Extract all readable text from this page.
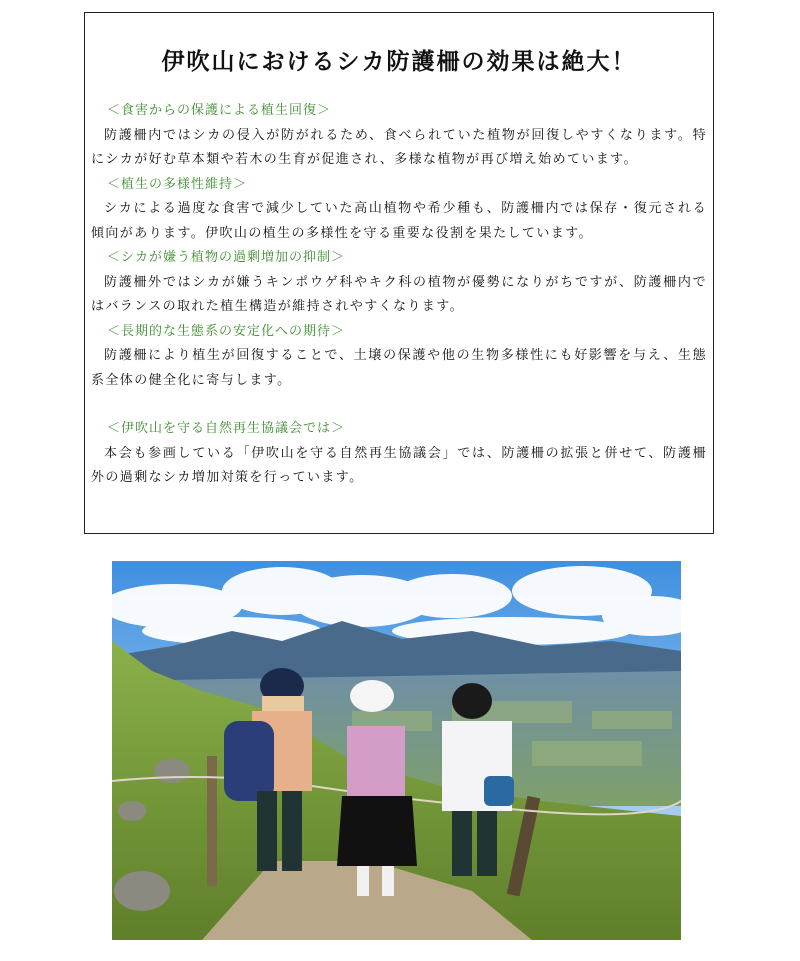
伊吹山におけるシカ防護柵の効果は絶大！
＜食害からの保護による植生回復＞
防護柵内ではシカの侵入が防がれるため、食べられていた植物が回復しやすくなります。特にシカが好む草本類や若木の生育が促進され、多様な植物が再び増え始めています。
＜植生の多様性維持＞
シカによる過度な食害で減少していた高山植物や希少種も、防護柵内では保存・復元される傾向があります。伊吹山の植生の多様性を守る重要な役割を果たしています。
＜シカが嫌う植物の過剰増加の抑制＞
防護柵外ではシカが嫌うキンポウゲ科やキク科の植物が優勢になりがちですが、防護柵内ではバランスの取れた植生構造が維持されやすくなります。
＜長期的な生態系の安定化への期待＞
防護柵により植生が回復することで、土壌の保護や他の生物多様性にも好影響を与え、生態系全体の健全化に寄与します。
＜伊吹山を守る自然再生協議会では＞
本会も参画している「伊吹山を守る自然再生協議会」では、防護柵の拡張と併せて、防護柵外の過剰なシカ増加対策を行っています。
